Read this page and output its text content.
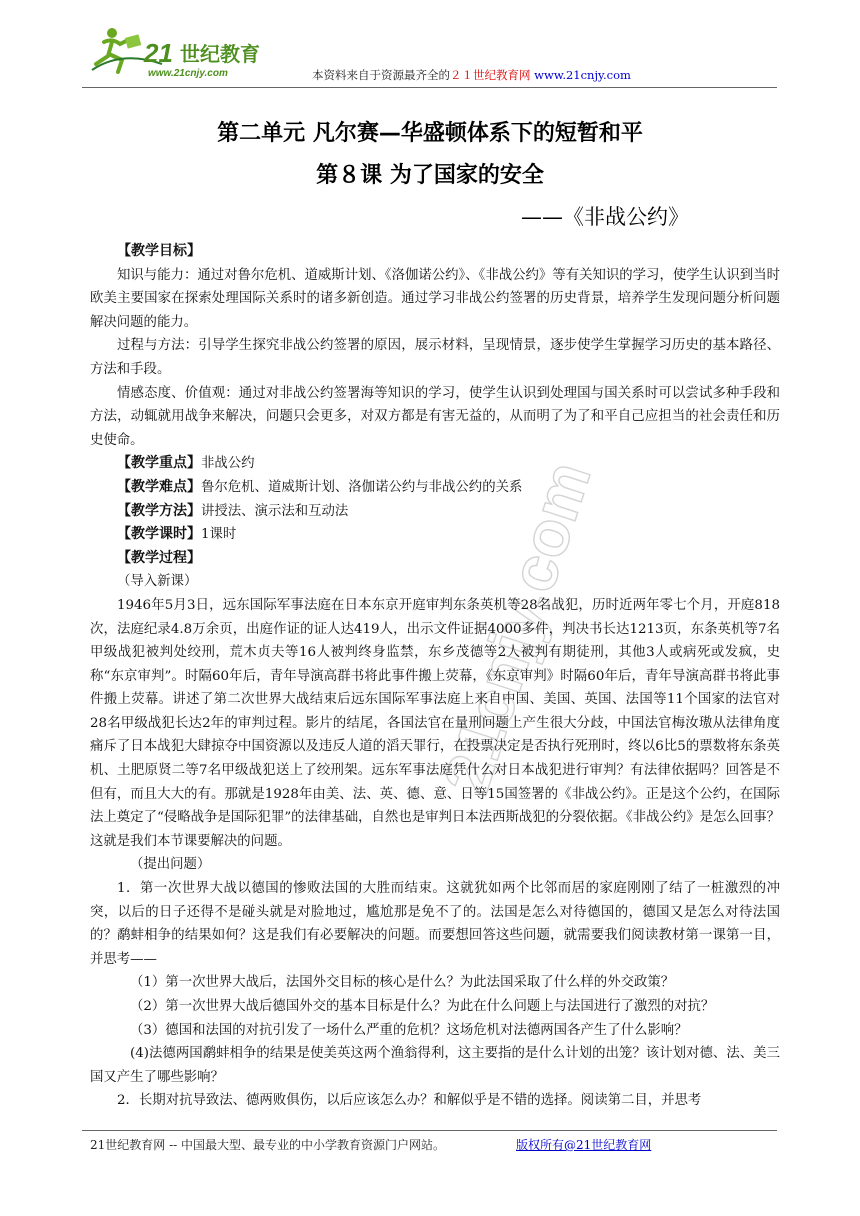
21 世纪教育
www.21cnjy.com	本资料来自于资源最齐全的２１世纪教育网 www.21cnjy.com
21cnjy.com
第二单元 凡尔赛—华盛顿体系下的短暂和平
第８课 为了国家的安全
——《非战公约》

【教学目标】

知识与能力：通过对鲁尔危机、道威斯计划、《洛伽诺公约》、《非战公约》等有关知识的学习，使学生认识到当时欧美主要国家在探索处理国际关系时的诸多新创造。通过学习非战公约签署的历史背景，培养学生发现问题分析问题解决问题的能力。

过程与方法：引导学生探究非战公约签署的原因，展示材料，呈现情景，逐步使学生掌握学习历史的基本路径、方法和手段。

情感态度、价值观：通过对非战公约签署海等知识的学习，使学生认识到处理国与国关系时可以尝试多种手段和方法，动辄就用战争来解决，问题只会更多，对双方都是有害无益的，从而明了为了和平自己应担当的社会责任和历史使命。

【教学重点】非战公约

【教学难点】鲁尔危机、道威斯计划、洛伽诺公约与非战公约的关系

【教学方法】讲授法、演示法和互动法

【教学课时】1课时

【教学过程】

（导入新课）

1946年5月3日，远东国际军事法庭在日本东京开庭审判东条英机等28名战犯，历时近两年零七个月，开庭818次，法庭纪录4.8万余页，出庭作证的证人达419人，出示文件证据4000多件，判决书长达1213页，东条英机等7名甲级战犯被判处绞刑，荒木贞夫等16人被判终身监禁，东乡茂德等2人被判有期徒刑，其他3人或病死或发疯，史称“东京审判”。时隔60年后，青年导演高群书将此事件搬上荧幕，《东京审判》时隔60年后，青年导演高群书将此事件搬上荧幕。讲述了第二次世界大战结束后远东国际军事法庭上来自中国、美国、英国、法国等11个国家的法官对28名甲级战犯长达2年的审判过程。影片的结尾，各国法官在量刑问题上产生很大分歧，中国法官梅汝璈从法律角度痛斥了日本战犯大肆掠夺中国资源以及违反人道的滔天罪行，在投票决定是否执行死刑时，终以6比5的票数将东条英机、土肥原贤二等7名甲级战犯送上了绞刑架。远东军事法庭凭什么对日本战犯进行审判？有法律依据吗？回答是不但有，而且大大的有。那就是1928年由美、法、英、德、意、日等15国签署的《非战公约》。正是这个公约，在国际法上奠定了“侵略战争是国际犯罪”的法律基础，自然也是审判日本法西斯战犯的分裂依据。《非战公约》是怎么回事？这就是我们本节课要解决的问题。

（提出问题）

1．第一次世界大战以德国的惨败法国的大胜而结束。这就犹如两个比邻而居的家庭刚刚了结了一桩激烈的冲突，以后的日子还得不是碰头就是对脸地过，尴尬那是免不了的。法国是怎么对待德国的，德国又是怎么对待法国的？鹬蚌相争的结果如何？这是我们有必要解决的问题。而要想回答这些问题，就需要我们阅读教材第一课第一目，并思考——

（1）第一次世界大战后，法国外交目标的核心是什么？为此法国采取了什么样的外交政策？

（2）第一次世界大战后德国外交的基本目标是什么？为此在什么问题上与法国进行了激烈的对抗？

（3）德国和法国的对抗引发了一场什么严重的危机？这场危机对法德两国各产生了什么影响？

(4)法德两国鹬蚌相争的结果是使美英这两个渔翁得利，这主要指的是什么计划的出笼？该计划对德、法、美三国又产生了哪些影响？

2．长期对抗导致法、德两败俱伤，以后应该怎么办？和解似乎是不错的选择。阅读第二目，并思考

21世纪教育网 -- 中国最大型、最专业的中小学教育资源门户网站。	版权所有@21世纪教育网
